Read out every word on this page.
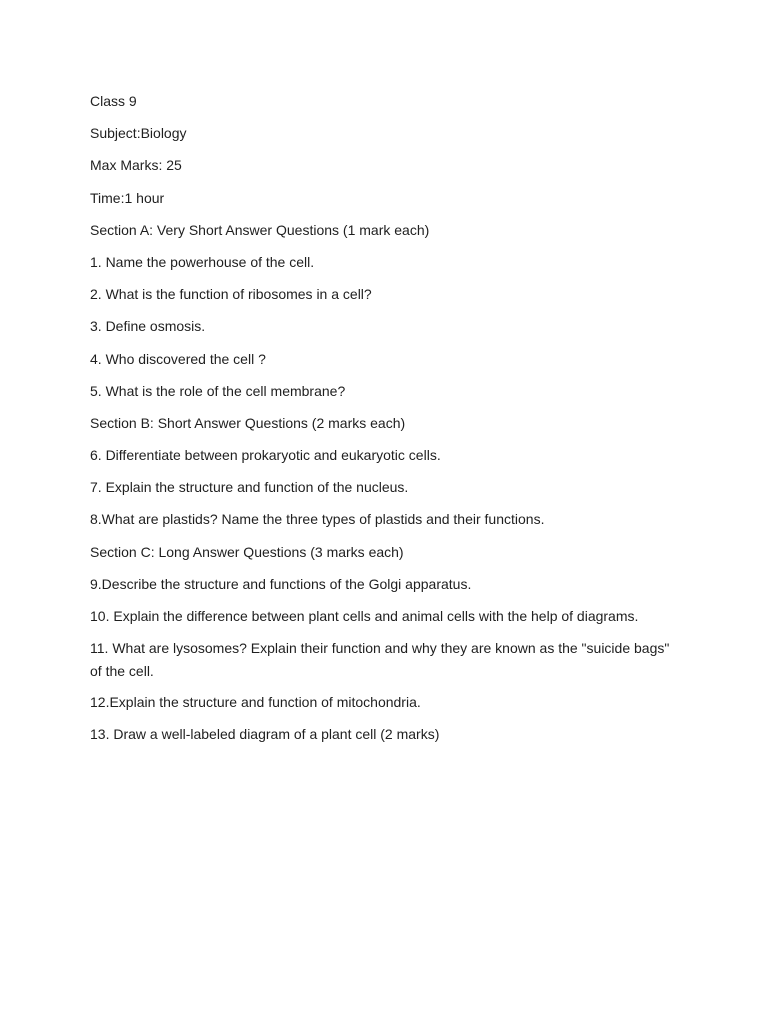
Class 9
Subject:Biology
Max Marks: 25
Time:1 hour
Section A: Very Short Answer Questions (1 mark each)
1. Name the powerhouse of the cell.
2. What is the function of ribosomes in a cell?
3. Define osmosis.
4. Who discovered the cell ?
5. What is the role of the cell membrane?
Section B: Short Answer Questions (2 marks each)
6. Differentiate between prokaryotic and eukaryotic cells.
7. Explain the structure and function of the nucleus.
8.What are plastids? Name the three types of plastids and their functions.
Section C: Long Answer Questions (3 marks each)
9.Describe the structure and functions of the Golgi apparatus.
10. Explain the difference between plant cells and animal cells with the help of diagrams.
11. What are lysosomes? Explain their function and why they are known as the "suicide bags" of the cell.
12.Explain the structure and function of mitochondria.
13. Draw a well-labeled diagram of a plant cell (2 marks)
